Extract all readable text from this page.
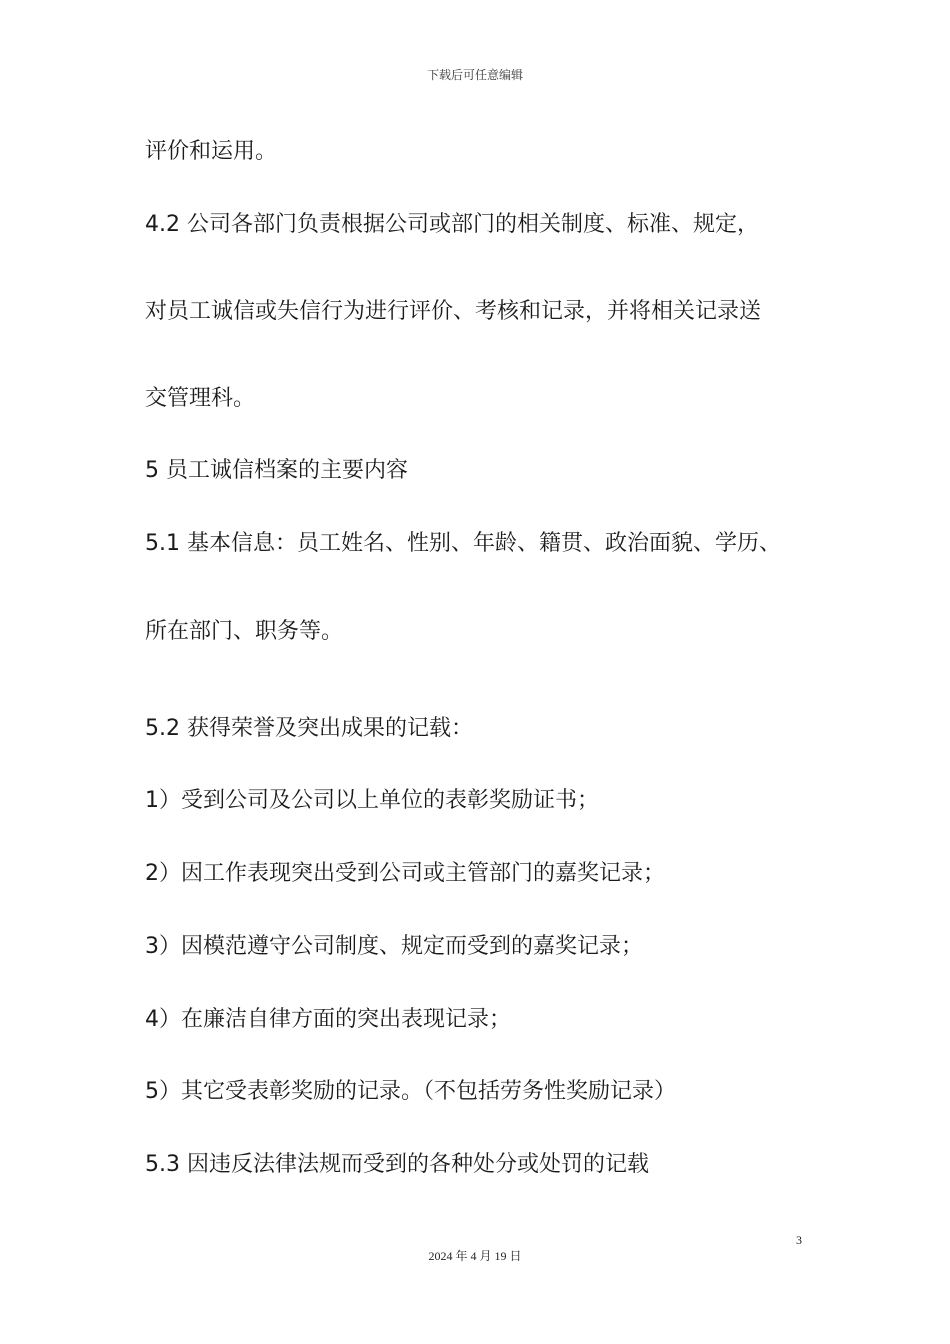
下载后可任意编辑
评价和运用。
4.2 公司各部门负责根据公司或部门的相关制度、标准、规定，
对员工诚信或失信行为进行评价、考核和记录，并将相关记录送
交管理科。
5 员工诚信档案的主要内容
5.1 基本信息：员工姓名、性别、年龄、籍贯、政治面貌、学历、
所在部门、职务等。
5.2 获得荣誉及突出成果的记载：
1）受到公司及公司以上单位的表彰奖励证书；
2）因工作表现突出受到公司或主管部门的嘉奖记录；
3）因模范遵守公司制度、规定而受到的嘉奖记录；
4）在廉洁自律方面的突出表现记录；
5）其它受表彰奖励的记录。（不包括劳务性奖励记录）
5.3 因违反法律法规而受到的各种处分或处罚的记载
3
2024 年 4 月 19 日
